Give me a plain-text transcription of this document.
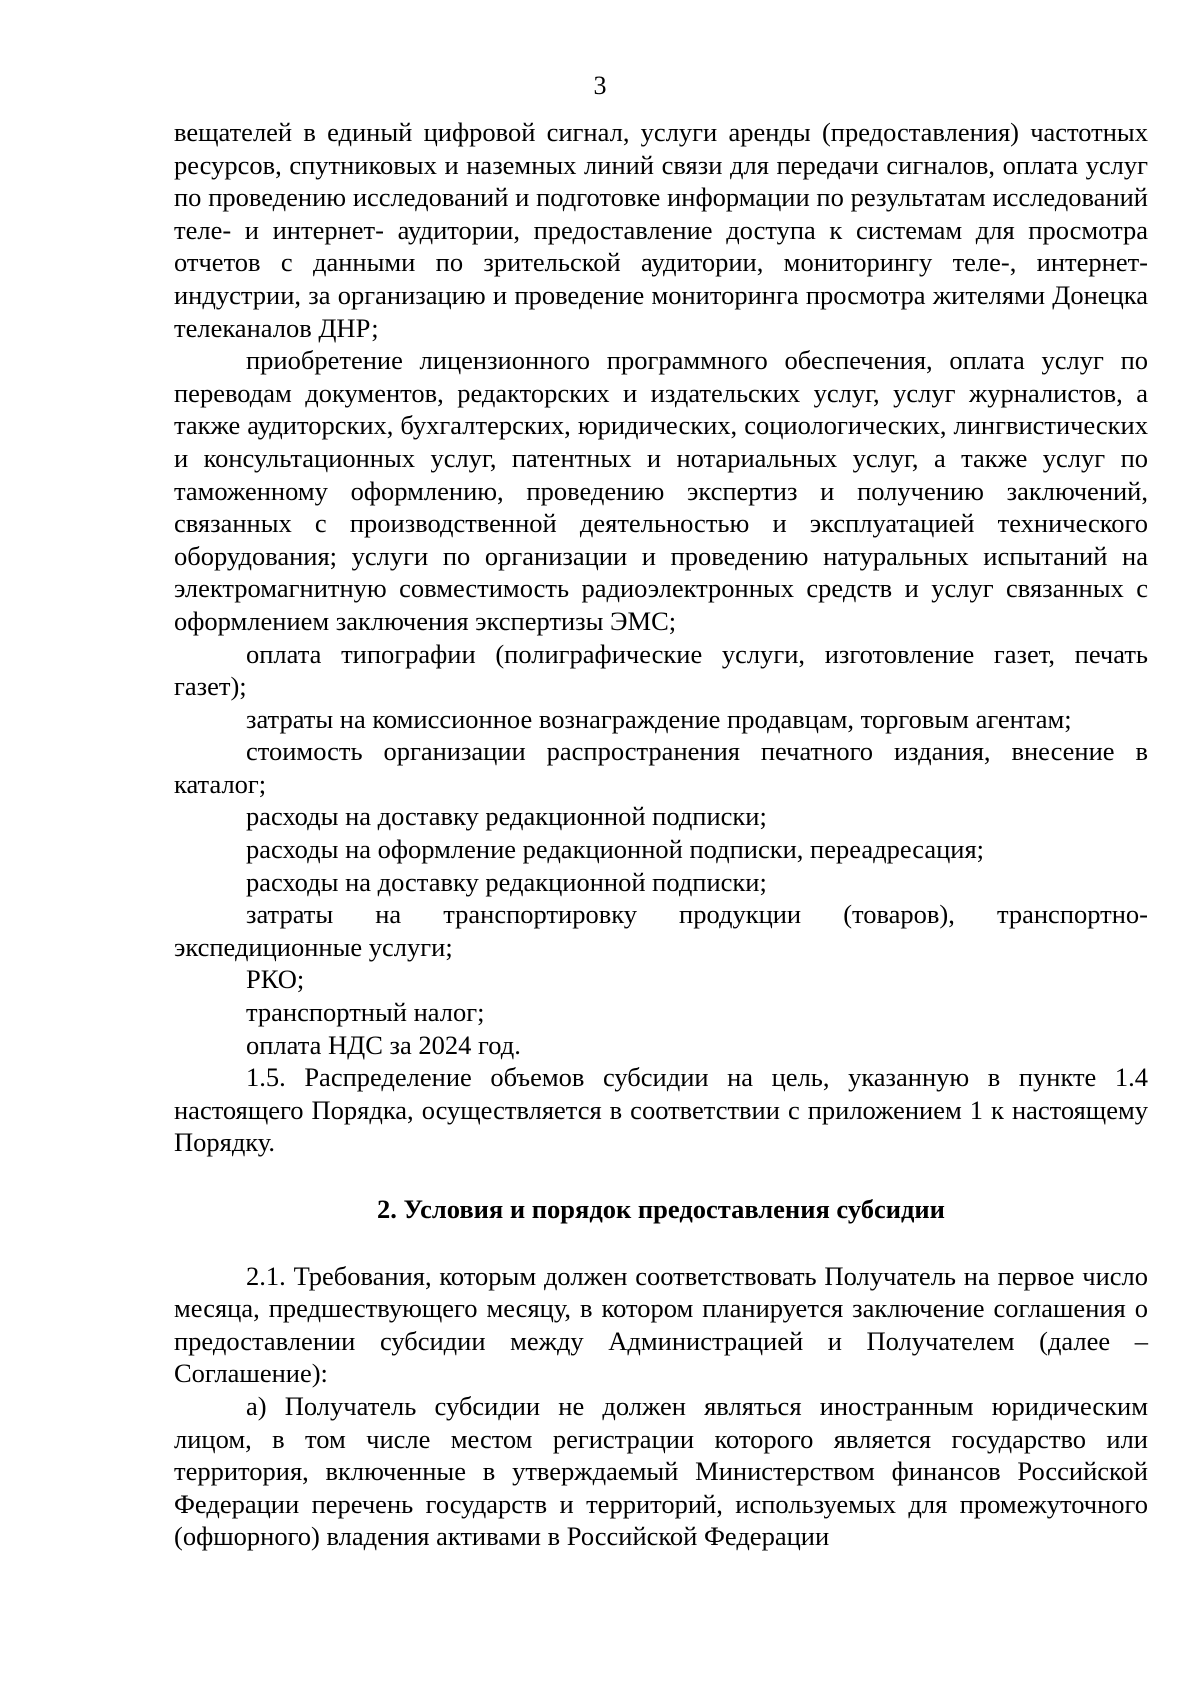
3

вещателей в единый цифровой сигнал, услуги аренды (предоставления) частотных ресурсов, спутниковых и наземных линий связи для передачи сигналов, оплата услуг по проведению исследований и подготовке информации по результатам исследований теле- и интернет- аудитории, предоставление доступа к системам для просмотра отчетов с данными по зрительской аудитории, мониторингу теле-, интернет-индустрии, за организацию и проведение мониторинга просмотра жителями Донецка телеканалов ДНР;

приобретение лицензионного программного обеспечения, оплата услуг по переводам документов, редакторских и издательских услуг, услуг журналистов, а также аудиторских, бухгалтерских, юридических, социологических, лингвистических и консультационных услуг, патентных и нотариальных услуг, а также услуг по таможенному оформлению, проведению экспертиз и получению заключений, связанных с производственной деятельностью и эксплуатацией технического оборудования; услуги по организации и проведению натуральных испытаний на электромагнитную совместимость радиоэлектронных средств и услуг связанных с оформлением заключения экспертизы ЭМС;

оплата типографии (полиграфические услуги, изготовление газет, печать газет);

затраты на комиссионное вознаграждение продавцам, торговым агентам;

стоимость организации распространения печатного издания, внесение в каталог;

расходы на доставку редакционной подписки;

расходы на оформление редакционной подписки, переадресация;

расходы на доставку редакционной подписки;

затраты на транспортировку продукции (товаров), транспортно-экспедиционные услуги;

РКО;

транспортный налог;

оплата НДС за 2024 год.

1.5. Распределение объемов субсидии на цель, указанную в пункте 1.4 настоящего Порядка, осуществляется в соответствии с приложением 1 к настоящему Порядку.

2. Условия и порядок предоставления субсидии

2.1. Требования, которым должен соответствовать Получатель на первое число месяца, предшествующего месяцу, в котором планируется заключение соглашения о предоставлении субсидии между Администрацией и Получателем (далее – Соглашение):

а) Получатель субсидии не должен являться иностранным юридическим лицом, в том числе местом регистрации которого является государство или территория, включенные в утверждаемый Министерством финансов Российской Федерации перечень государств и территорий, используемых для промежуточного (офшорного) владения активами в Российской Федерации
